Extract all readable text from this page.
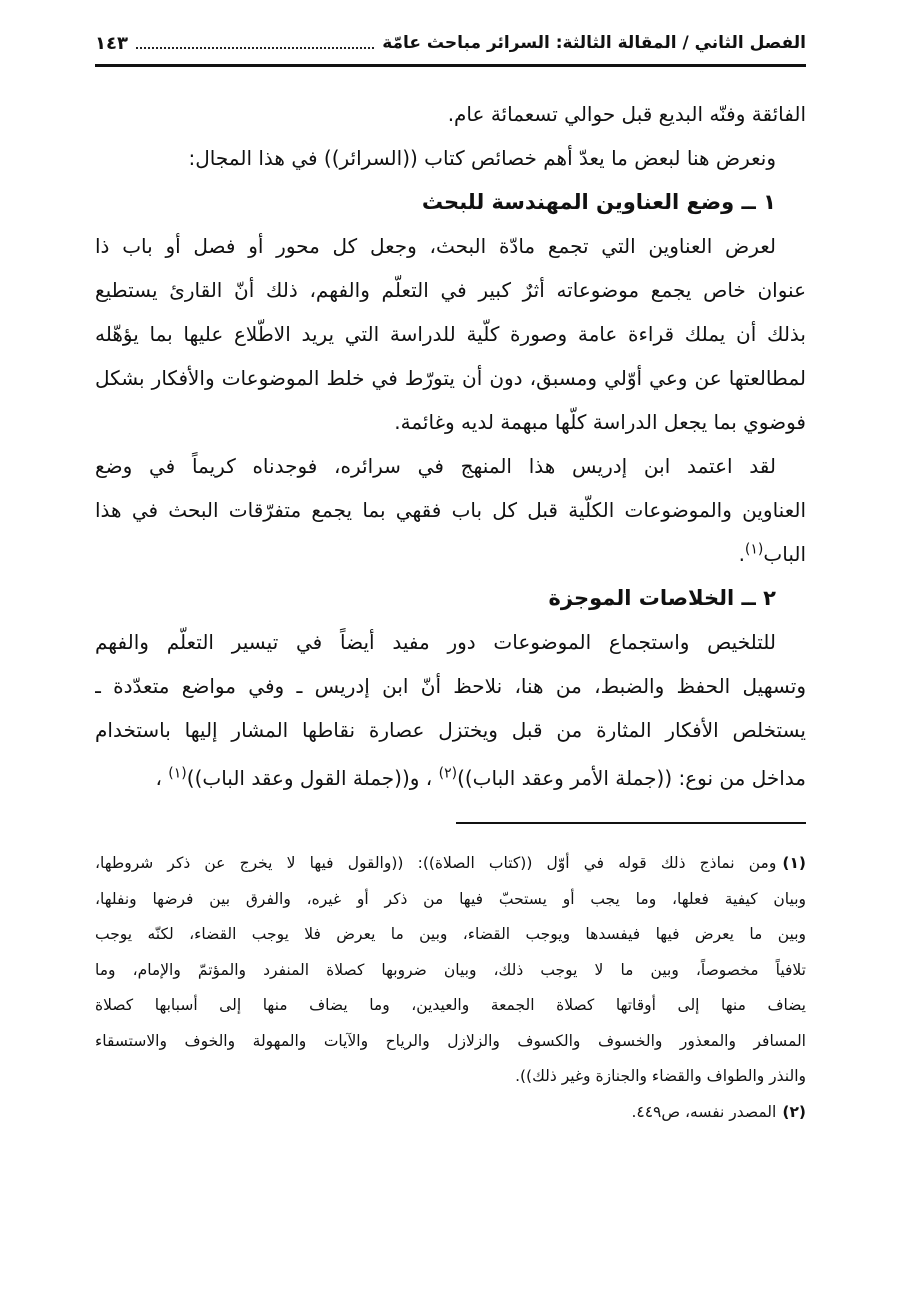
الفصل الثاني / المقالة الثالثة: السرائر مباحث عامّة
١٤٣
الفائقة وفنّه البديع قبل حوالي تسعمائة عام.
ونعرض هنا لبعض ما يعدّ أهم خصائص كتاب ((السرائر)) في هذا المجال:
١ ــ وضع العناوين المهندسة للبحث
لعرض العناوين التي تجمع مادّة البحث، وجعل كل محور أو فصل أو باب ذا
عنوان خاص يجمع موضوعاته أثرٌ كبير في التعلّم والفهم، ذلك أنّ القارئ يستطيع
بذلك أن يملك قراءة عامة وصورة كلّية للدراسة التي يريد الاطّلاع عليها بما يؤهّله
لمطالعتها عن وعي أوّلي ومسبق، دون أن يتورّط في خلط الموضوعات والأفكار بشكل
فوضوي بما يجعل الدراسة كلّها مبهمة لديه وغائمة.
لقد اعتمد ابن إدريس هذا المنهج في سرائره، فوجدناه كريماً في وضع
العناوين والموضوعات الكلّية قبل كل باب فقهي بما يجمع متفرّقات البحث في هذا
الباب$^{(١)}$.
٢ ــ الخلاصات الموجزة
للتلخيص واستجماع الموضوعات دور مفيد أيضاً في تيسير التعلّم والفهم
وتسهيل الحفظ والضبط، من هنا، نلاحظ أنّ ابن إدريس ـ وفي مواضع متعدّدة ـ
يستخلص الأفكار المثارة من قبل ويختزل عصارة نقاطها المشار إليها باستخدام
مداخل من نوع: ((جملة الأمر وعقد الباب))$^{(٢)}$ ، و((جملة القول وعقد الباب))$^{(١)}$ ،
(١)ومن نماذج ذلك قوله في أوّل ((كتاب الصلاة)): ((والقول فيها لا يخرج عن ذكر شروطها،
وبيان كيفية فعلها، وما يجب أو يستحبّ فيها من ذكر أو غيره، والفرق بين فرضها ونفلها،
وبين ما يعرض فيها فيفسدها ويوجب القضاء، وبين ما يعرض فلا يوجب القضاء، لكنّه يوجب
تلافياً مخصوصاً، وبين ما لا يوجب ذلك، وبيان ضروبها كصلاة المنفرد والمؤتمّ والإمام، وما
يضاف منها إلى أوقاتها كصلاة الجمعة والعيدين، وما يضاف منها إلى أسبابها كصلاة
المسافر والمعذور والخسوف والكسوف والزلازل والرياح والآيات والمهولة والخوف والاستسقاء
والنذر والطواف والقضاء والجنازة وغير ذلك)).
(٢)المصدر نفسه، ص٤٤٩.
